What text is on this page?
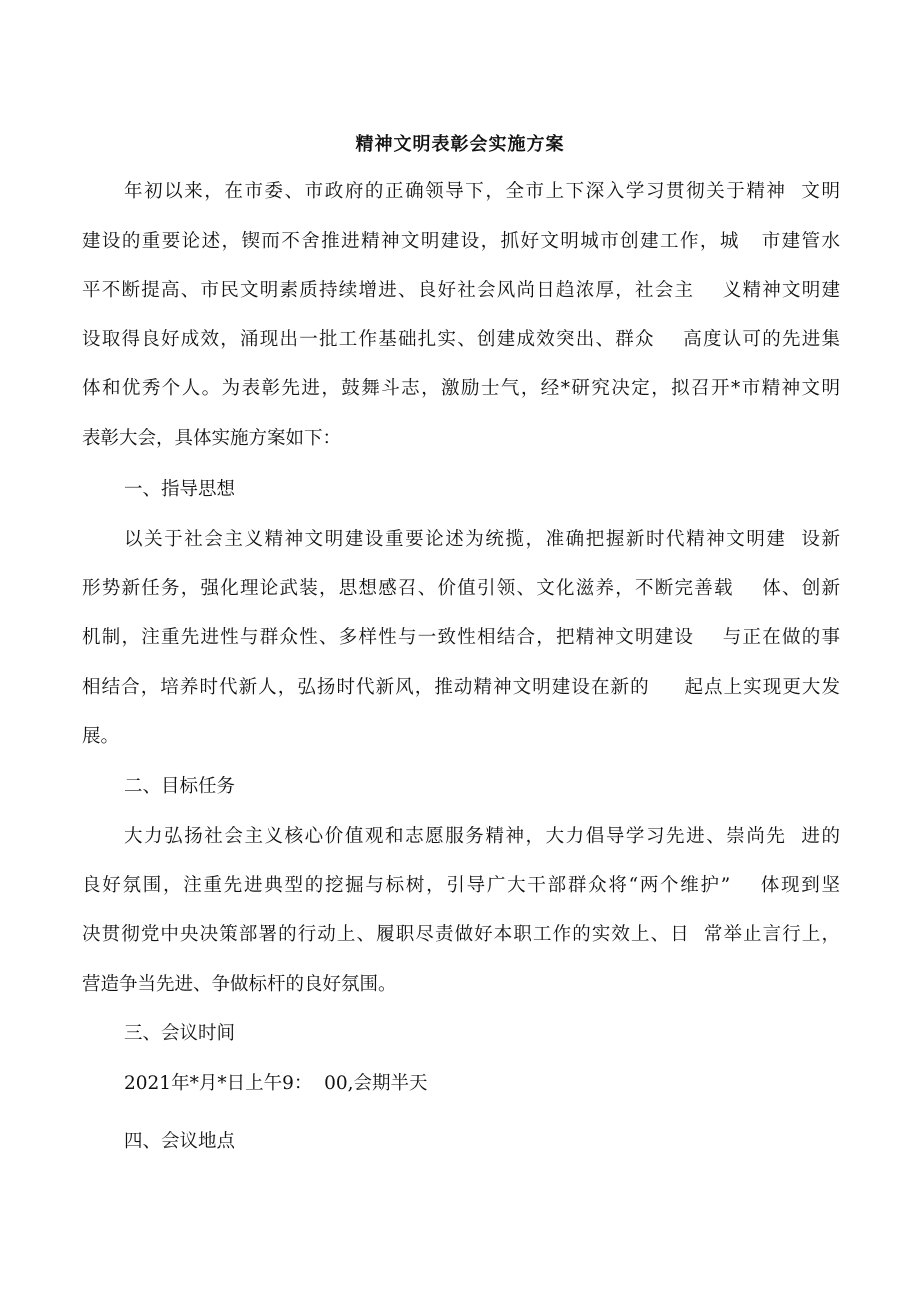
精神文明表彰会实施方案
年初以来，在市委、市政府的正确领导下，全市上下深入学习贯彻关于精神  文明
建设的重要论述，锲而不舍推进精神文明建设，抓好文明城市创建工作，城   市建管水
平不断提高、市民文明素质持续增进、良好社会风尚日趋浓厚，社会主    义精神文明建
设取得良好成效，涌现出一批工作基础扎实、创建成效突出、群众    高度认可的先进集
体和优秀个人。为表彰先进，鼓舞斗志，激励士气，经*研究决定，拟召开*市精神文明
表彰大会，具体实施方案如下：
一、指导思想
以关于社会主义精神文明建设重要论述为统揽，准确把握新时代精神文明建  设新
形势新任务，强化理论武装，思想感召、价值引领、文化滋养，不断完善载    体、创新
机制，注重先进性与群众性、多样性与一致性相结合，把精神文明建设    与正在做的事
相结合，培养时代新人，弘扬时代新风，推动精神文明建设在新的     起点上实现更大发
展。
二、目标任务
大力弘扬社会主义核心价值观和志愿服务精神，大力倡导学习先进、崇尚先  进的
良好氛围，注重先进典型的挖掘与标树，引导广大干部群众将“两个维护”    体现到坚
决贯彻党中央决策部署的行动上、履职尽责做好本职工作的实效上、日  常举止言行上，
营造争当先进、争做标杆的良好氛围。
三、会议时间
2021年*月*日上午9：  00,会期半天
四、会议地点
